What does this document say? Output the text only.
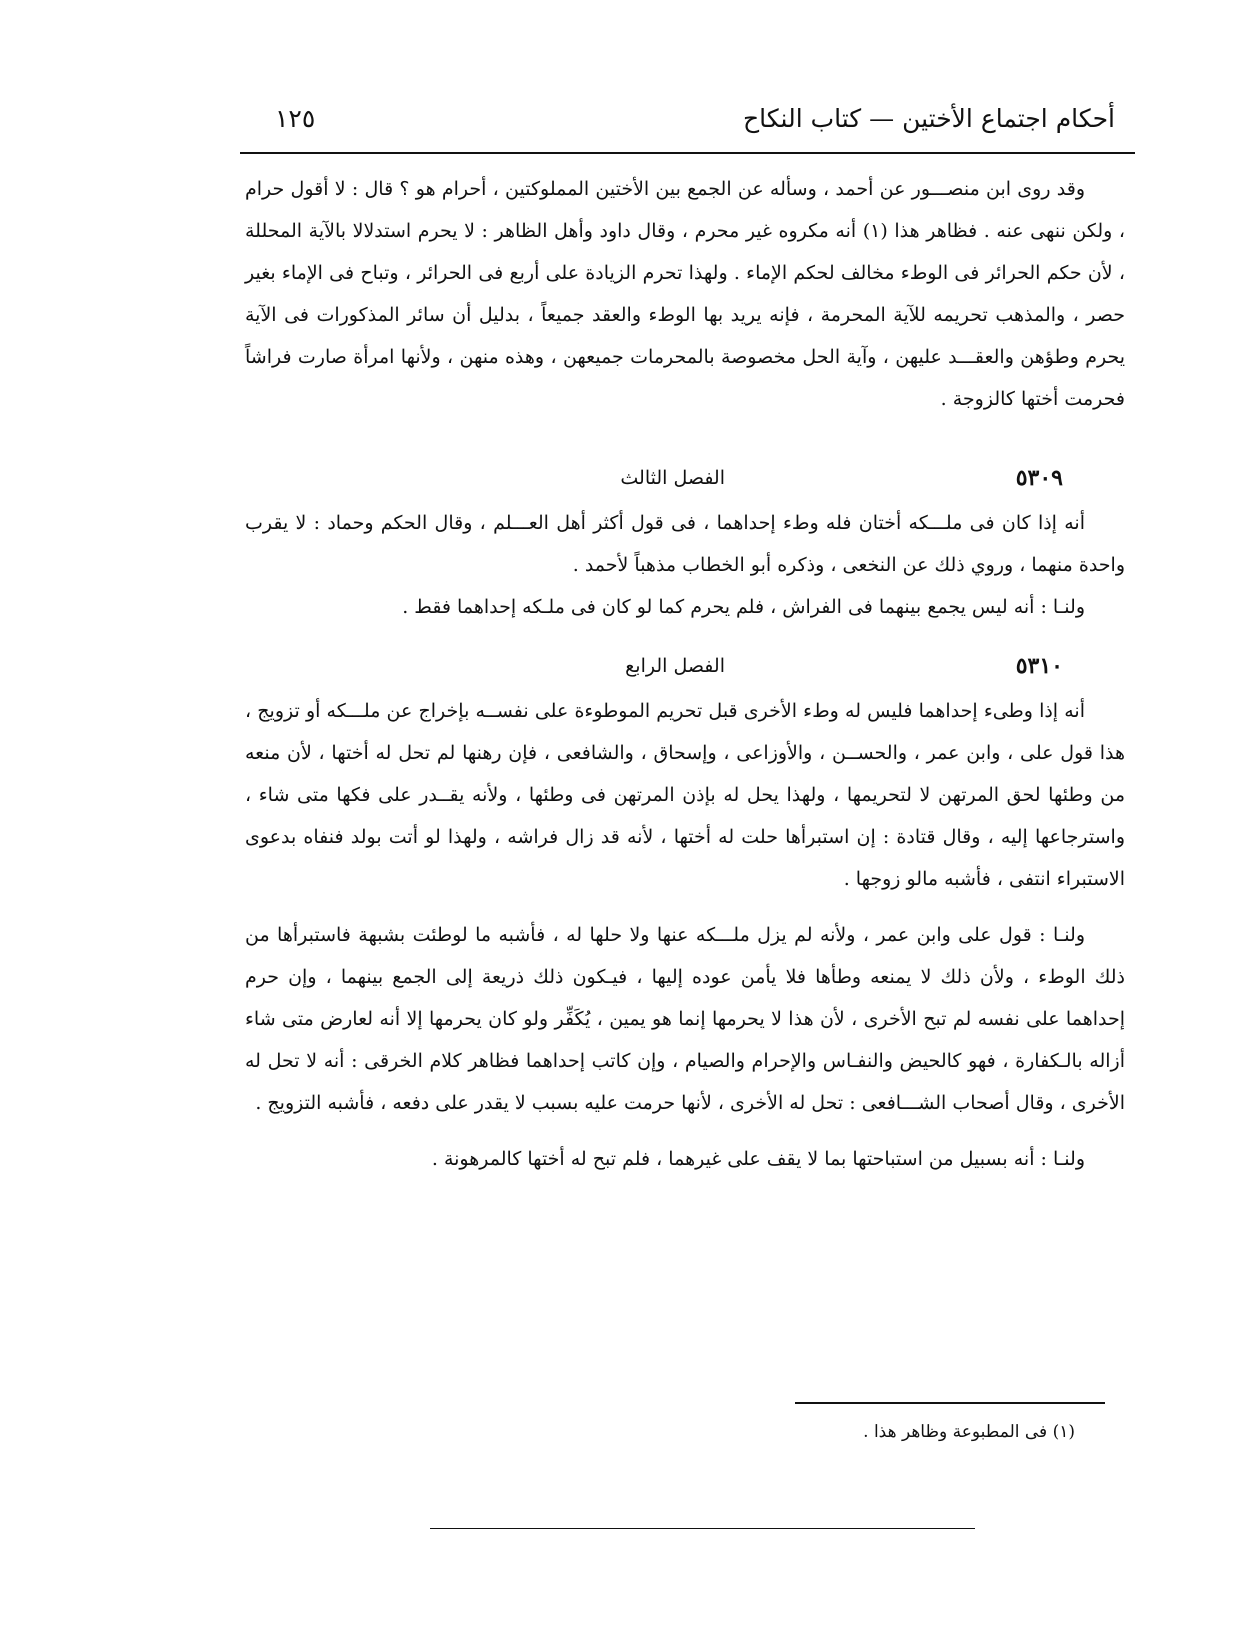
أحكام اجتماع الأختين — كتاب النكاح
١٢٥

وقد روى ابن منصـــور عن أحمد ، وسأله عن الجمع بين الأختين المملوكتين ، أحرام هو ؟ قال : لا أقول حرام ، ولكن ننهى عنه . فظاهر هذا (١) أنه مكروه غير محرم ، وقال داود وأهل الظاهر : لا يحرم استدلالا بالآية المحللة ، لأن حكم الحرائر فى الوطء مخالف لحكم الإماء . ولهذا تحرم الزيادة على أربع فى الحرائر ، وتباح فى الإماء بغير حصر ، والمذهب تحريمه للآية المحرمة ، فإنه يريد بها الوطء والعقد جميعاً ، بدليل أن سائر المذكورات فى الآية يحرم وطؤهن والعقـــد عليهن ، وآية الحل مخصوصة بالمحرمات جميعهن ، وهذه منهن ، ولأنها امرأة صارت فراشاً فحرمت أختها كالزوجة .

٥٣٠٩
الفصل الثالث

أنه إذا كان فى ملـــكه أختان فله وطء إحداهما ، فى قول أكثر أهل العـــلم ، وقال الحكم وحماد : لا يقرب واحدة منهما ، وروي ذلك عن النخعى ، وذكره أبو الخطاب مذهباً لأحمد .

ولنـا : أنه ليس يجمع بينهما فى الفراش ، فلم يحرم كما لو كان فى ملـكه إحداهما فقط .

٥٣١٠
الفصل الرابع

أنه إذا وطىء إحداهما فليس له وطء الأخرى قبل تحريم الموطوءة على نفســه بإخراج عن ملـــكه أو تزويج ، هذا قول على ، وابن عمر ، والحســن ، والأوزاعى ، وإسحاق ، والشافعى ، فإن رهنها لم تحل له أختها ، لأن منعه من وطئها لحق المرتهن لا لتحريمها ، ولهذا يحل له بإذن المرتهن فى وطئها ، ولأنه يقــدر على فكها متى شاء ، واسترجاعها إليه ، وقال قتادة : إن استبرأها حلت له أختها ، لأنه قد زال فراشه ، ولهذا لو أتت بولد فنفاه بدعوى الاستبراء انتفى ، فأشبه مالو زوجها .

ولنـا : قول على وابن عمر ، ولأنه لم يزل ملـــكه عنها ولا حلها له ، فأشبه ما لوطئت بشبهة فاستبرأها من ذلك الوطء ، ولأن ذلك لا يمنعه وطأها فلا يأمن عوده إليها ، فيـكون ذلك ذريعة إلى الجمع بينهما ، وإن حرم إحداهما على نفسه لم تبح الأخرى ، لأن هذا لا يحرمها إنما هو يمين ، يُكَفِّر ولو كان يحرمها إلا أنه لعارض متى شاء أزاله بالـكفارة ، فهو كالحيض والنفـاس والإحرام والصيام ، وإن كاتب إحداهما فظاهر كلام الخرقى : أنه لا تحل له الأخرى ، وقال أصحاب الشـــافعى : تحل له الأخرى ، لأنها حرمت عليه بسبب لا يقدر على دفعه ، فأشبه التزويج .

ولنـا : أنه بسبيل من استباحتها بما لا يقف على غيرهما ، فلم تبح له أختها كالمرهونة .

(١) فى المطبوعة وظاهر هذا .
